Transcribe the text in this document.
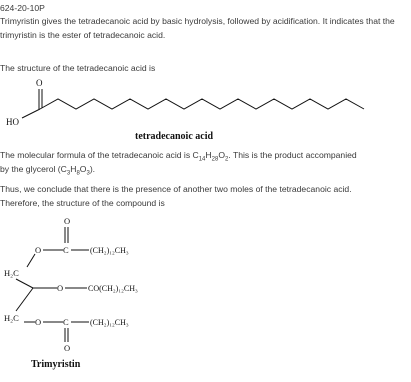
624-20-10P
Trimyristin gives the tetradecanoic acid by basic hydrolysis, followed by acidification. It indicates that the trimyristin is the ester of tetradecanoic acid.
The structure of the tetradecanoic acid is
O
HO
tetradecanoic acid
The molecular formula of the tetradecanoic acid is $C_{14}H_{28}O_2$. This is the product accompanied
by the glycerol $(C_3H_8O_3)$.
Thus, we conclude that there is the presence of another two moles of the tetradecanoic acid.
Therefore, the structure of the compound is
O
O	C	(CH₂)₁₂CH₃
H₂C
O	CO(CH₂)₁₂CH₃
H₂C O	C	(CH₂)₁₂CH₃
O
Trimyristin
